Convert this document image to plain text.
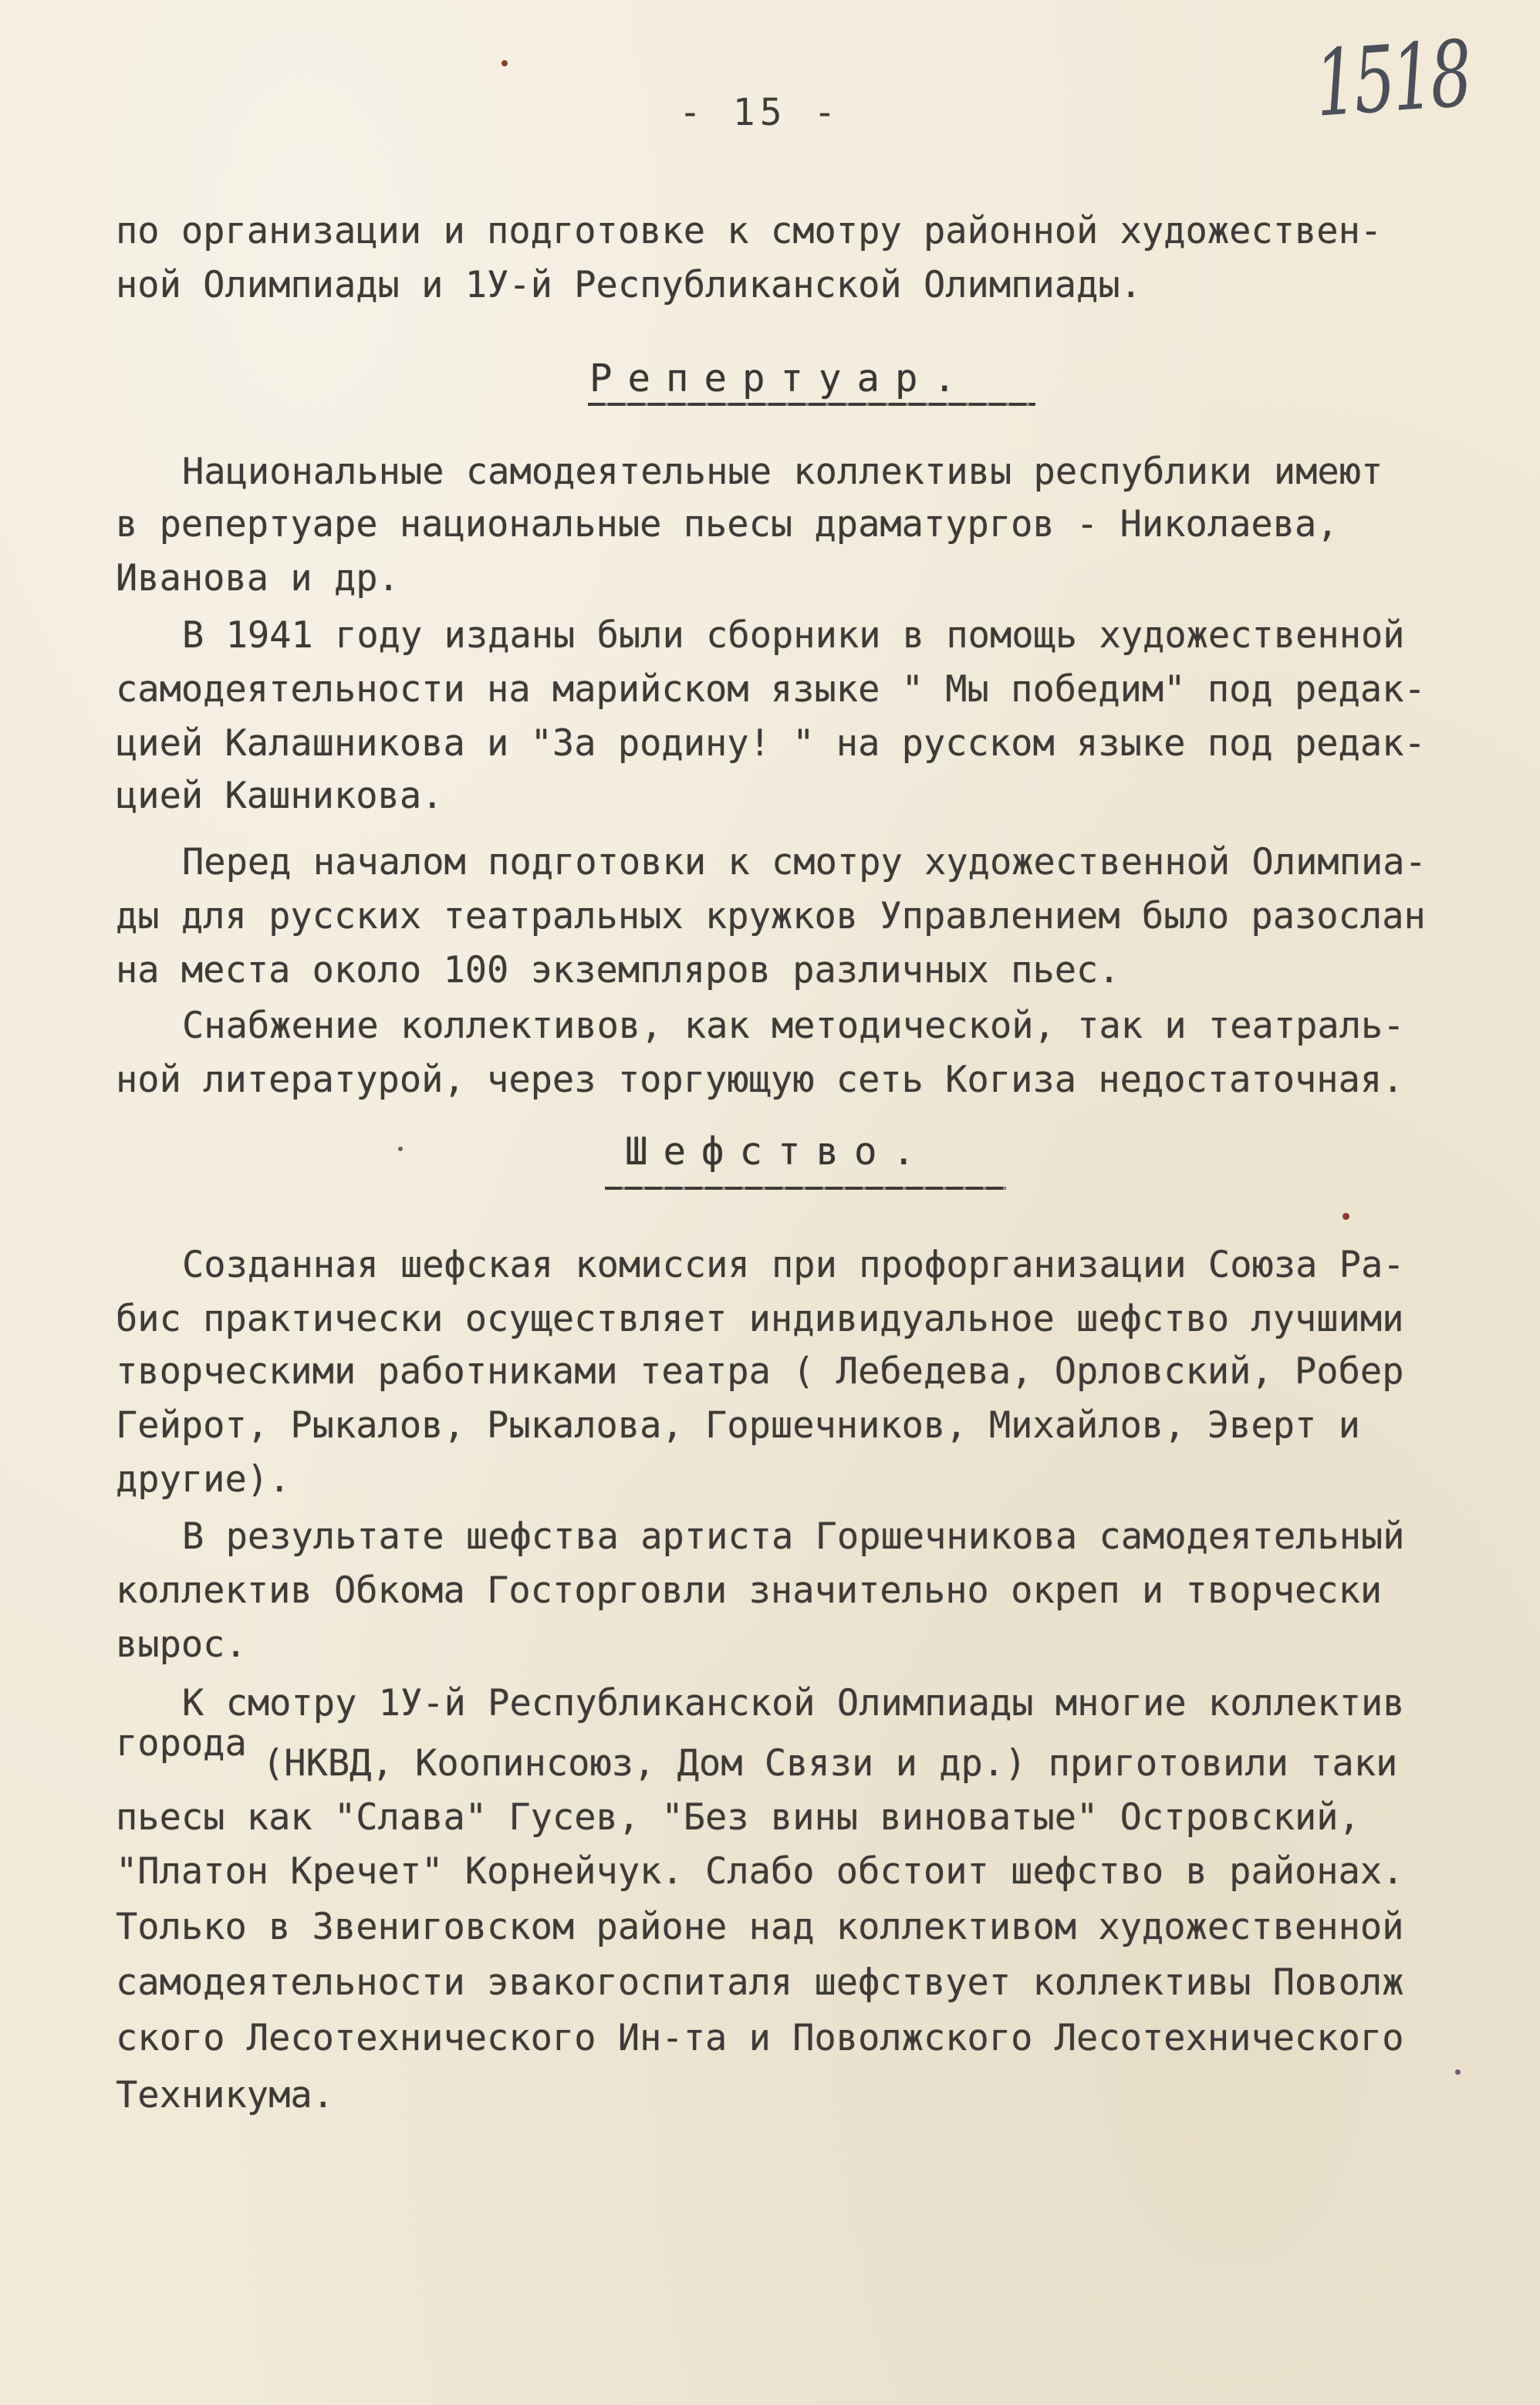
- 15 -	1518
по организации и подготовке к смотру районной художествен-
ной Олимпиады и 1У-й Республиканской Олимпиады.
Репертуар.
Национальные самодеятельные коллективы республики имеют
в репертуаре национальные пьесы драматургов - Николаева,
Иванова и др.
В 1941 году изданы были сборники в помощь художественной
самодеятельности на марийском языке " Мы победим" под редак-
цией Калашникова и "За родину! " на русском языке под редак-
цией Кашникова.
Перед началом подготовки к смотру художественной Олимпиа-
ды для русских театральных кружков Управлением было разослан
на места около 100 экземпляров различных пьес.
Снабжение коллективов, как методической, так и театраль-
ной литературой, через торгующую сеть Когиза недостаточная.
Шефство.
Созданная шефская комиссия при профорганизации Союза Ра-
бис практически осуществляет индивидуальное шефство лучшими
творческими работниками театра ( Лебедева, Орловский, Робер
Гейрот, Рыкалов, Рыкалова, Горшечников, Михайлов, Эверт и
другие).
В результате шефства артиста Горшечникова самодеятельный
коллектив Обкома Госторговли значительно окреп и творчески
вырос.
К смотру 1У-й Республиканской Олимпиады многие коллектив
города (НКВД, Коопинсоюз, Дом Связи и др.) приготовили таки
пьесы как "Слава" Гусев, "Без вины виноватые" Островский,
"Платон Кречет" Корнейчук. Слабо обстоит шефство в районах.
Только в Звениговском районе над коллективом художественной
самодеятельности эвакогоспиталя шефствует коллективы Поволж
ского Лесотехнического Ин-та и Поволжского Лесотехнического
Техникума.
